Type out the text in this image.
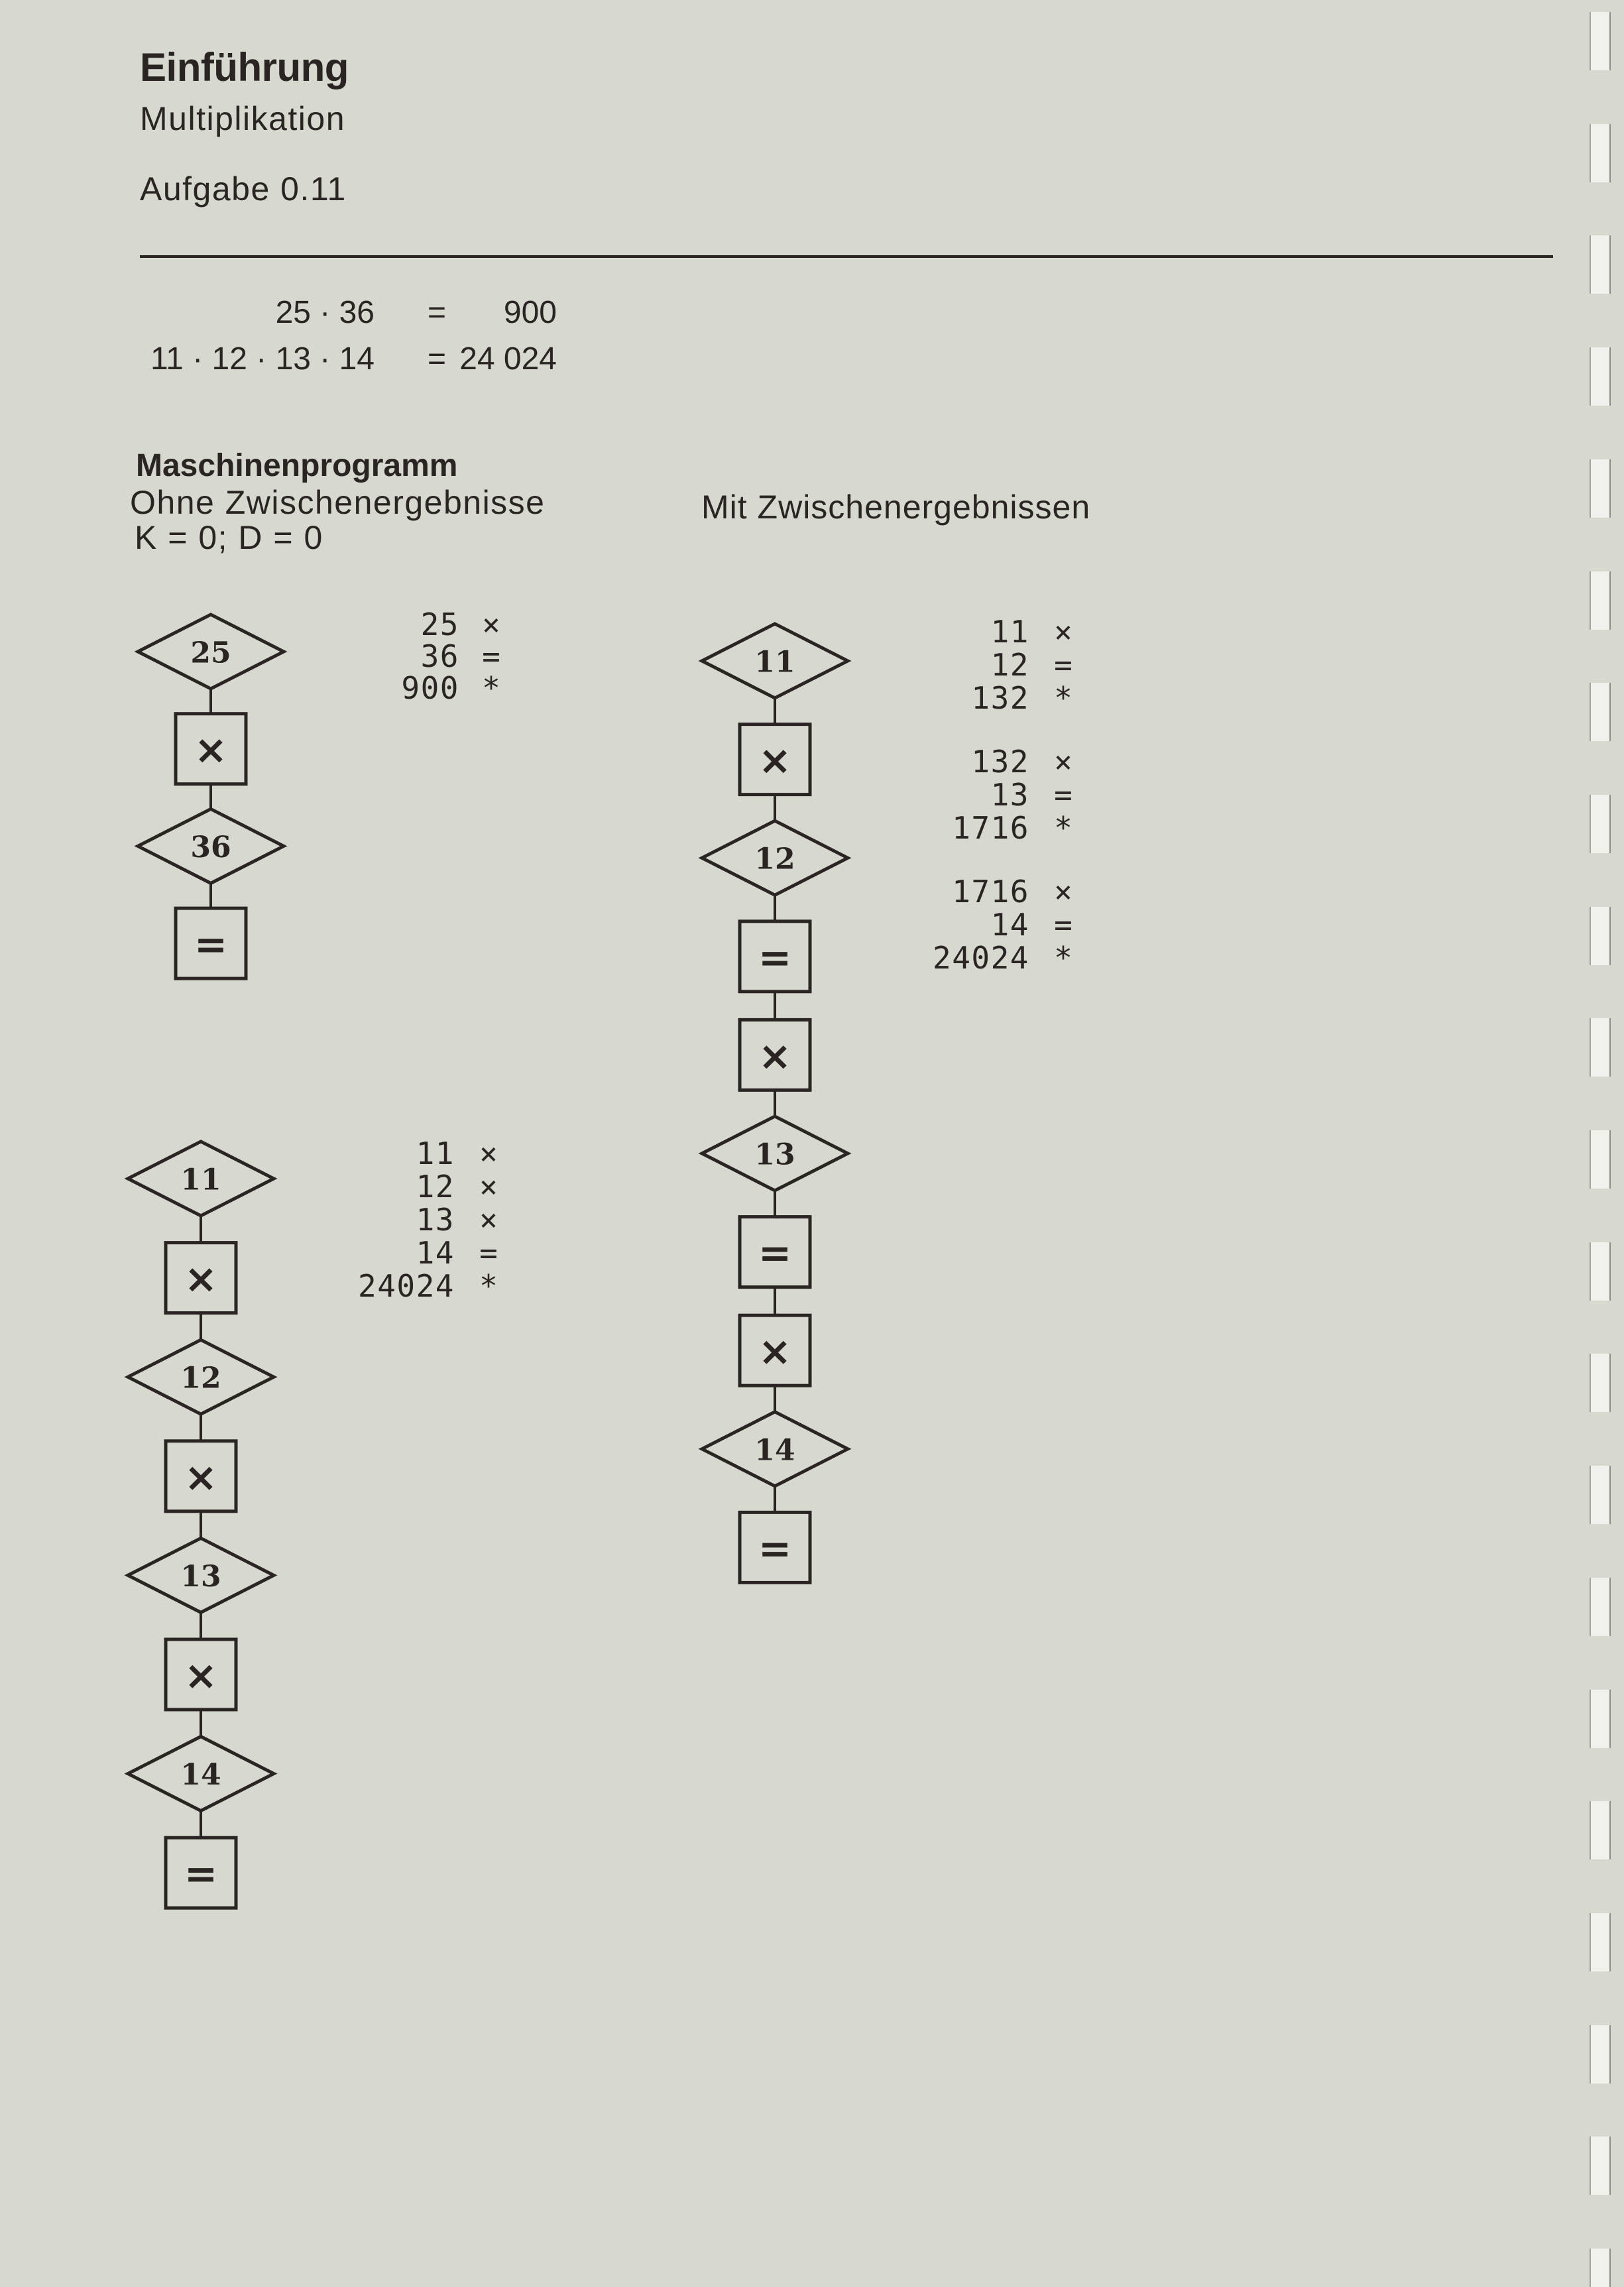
Einführung
Multiplikation
Aufgabe 0.11
25 · 36 = 900
11 · 12 · 13 · 14 = 24 024
Maschinenprogramm
Ohne Zwischenergebnisse
K = 0; D = 0
Mit Zwischenergebnissen
25
×
36
=
11
×
12
×
13
×
14
=
11
×
12
=
×
13
=
×
14
=
25 ×
36 =
900 *
11 ×
12 ×
13 ×
14 =
24024 *
11 ×
12 =
132 *
132 ×
13 =
1716 *
1716 ×
14 =
24024 *
